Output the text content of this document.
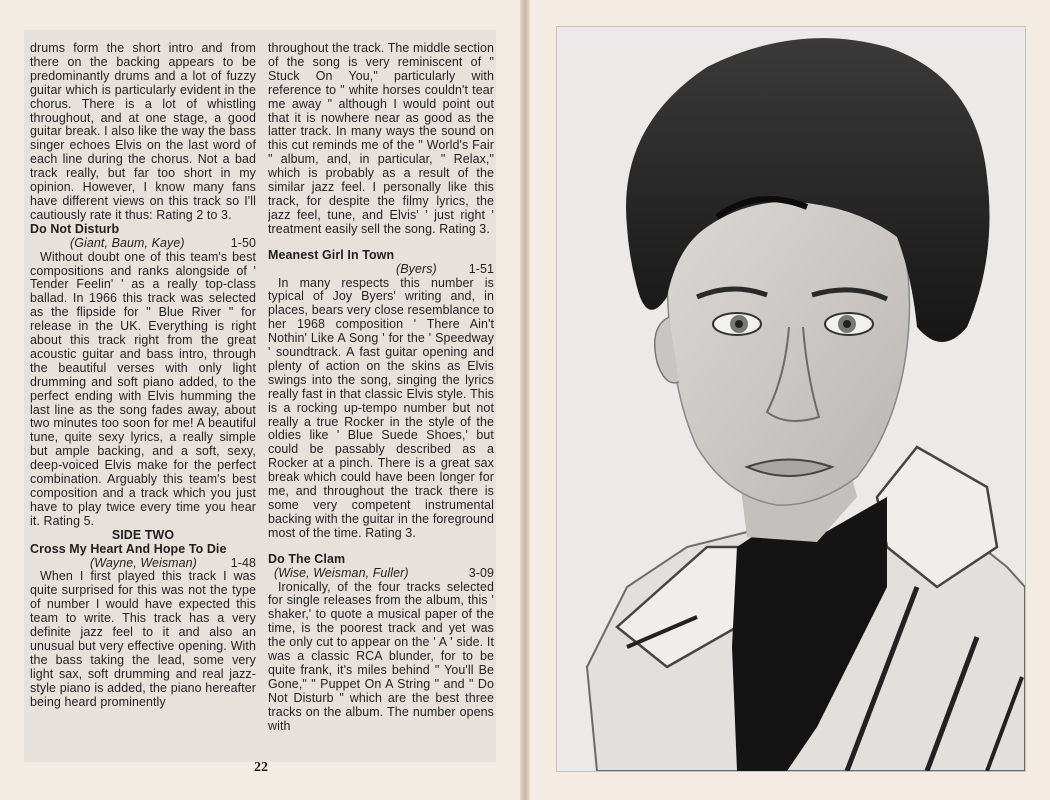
drums form the short intro and from there on the backing appears to be predominantly drums and a lot of fuzzy guitar which is particularly evident in the chorus. There is a lot of whistling throughout, and at one stage, a good guitar break. I also like the way the bass singer echoes Elvis on the last word of each line during the chorus. Not a bad track really, but far too short in my opinion. However, I know many fans have different views on this track so I'll cautiously rate it thus: Rating 2 to 3.

Do Not Disturb

(Giant, Baum, Kaye)	1-50

Without doubt one of this team's best compositions and ranks alongside of ' Tender Feelin' ' as a really top-class ballad. In 1966 this track was selected as the flipside for " Blue River " for release in the UK. Everything is right about this track right from the great acoustic guitar and bass intro, through the beautiful verses with only light drumming and soft piano added, to the perfect ending with Elvis humming the last line as the song fades away, about two minutes too soon for me! A beautiful tune, quite sexy lyrics, a really simple but ample backing, and a soft, sexy, deep-voiced Elvis make for the perfect combination. Arguably this team's best composition and a track which you just have to play twice every time you hear it. Rating 5.

SIDE TWO

Cross My Heart And Hope To Die

(Wayne, Weisman)	1-48

When I first played this track I was quite surprised for this was not the type of number I would have expected this team to write. This track has a very definite jazz feel to it and also an unusual but very effective opening. With the bass taking the lead, some very light sax, soft drumming and real jazz-style piano is added, the piano hereafter being heard prominently

throughout the track. The middle section of the song is very reminiscent of " Stuck On You," particularly with reference to " white horses couldn't tear me away " although I would point out that it is nowhere near as good as the latter track. In many ways the sound on this cut reminds me of the " World's Fair " album, and, in particular, " Relax," which is probably as a result of the similar jazz feel. I personally like this track, for despite the filmy lyrics, the jazz feel, tune, and Elvis' ' just right ' treatment easily sell the song. Rating 3.

Meanest Girl In Town

(Byers)	1-51

In many respects this number is typical of Joy Byers' writing and, in places, bears very close resemblance to her 1968 composition ' There Ain't Nothin' Like A Song ' for the ' Speedway ' soundtrack. A fast guitar opening and plenty of action on the skins as Elvis swings into the song, singing the lyrics really fast in that classic Elvis style. This is a rocking up-tempo number but not really a true Rocker in the style of the oldies like ' Blue Suede Shoes,' but could be passably described as a Rocker at a pinch. There is a great sax break which could have been longer for me, and throughout the track there is some very competent instrumental backing with the guitar in the foreground most of the time. Rating 3.

Do The Clam

(Wise, Weisman, Fuller)	3-09

Ironically, of the four tracks selected for single releases from the album, this ' shaker,' to quote a musical paper of the time, is the poorest track and yet was the only cut to appear on the ' A ' side. It was a classic RCA blunder, for to be quite frank, it's miles behind " You'll Be Gone," " Puppet On A String " and " Do Not Disturb " which are the best three tracks on the album. The number opens with

22
